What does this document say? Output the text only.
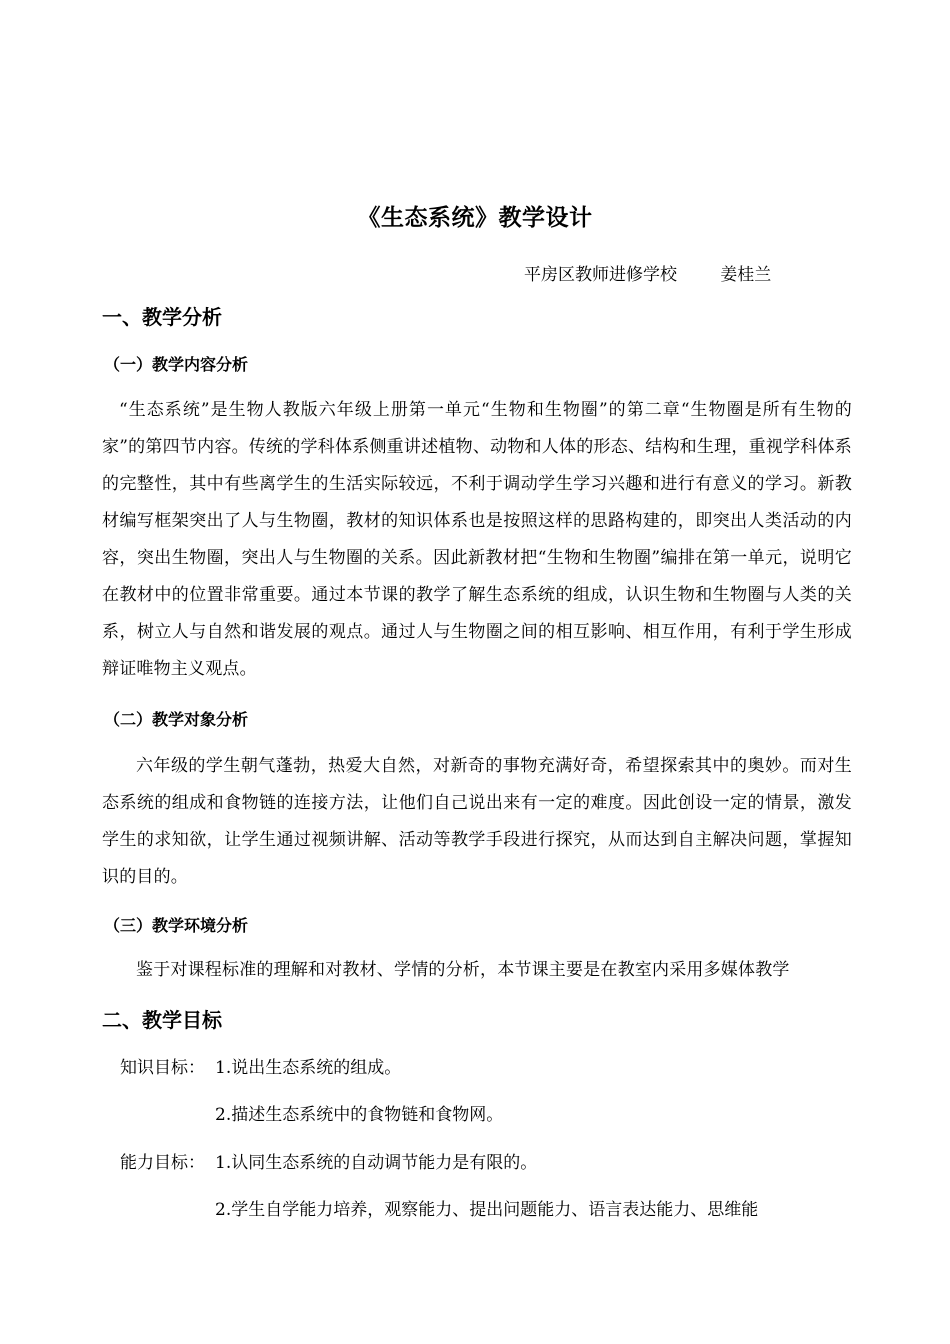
《生态系统》教学设计
平房区教师进修学校	姜桂兰
一、教学分析
（一）教学内容分析

“生态系统”是生物人教版六年级上册第一单元“生物和生物圈”的第二章“生物圈是所有生物的家”的第四节内容。传统的学科体系侧重讲述植物、动物和人体的形态、结构和生理，重视学科体系的完整性，其中有些离学生的生活实际较远，不利于调动学生学习兴趣和进行有意义的学习。新教材编写框架突出了人与生物圈，教材的知识体系也是按照这样的思路构建的，即突出人类活动的内容，突出生物圈，突出人与生物圈的关系。因此新教材把“生物和生物圈”编排在第一单元，说明它在教材中的位置非常重要。通过本节课的教学了解生态系统的组成，认识生物和生物圈与人类的关系，树立人与自然和谐发展的观点。通过人与生物圈之间的相互影响、相互作用，有利于学生形成辩证唯物主义观点。

（二）教学对象分析

六年级的学生朝气蓬勃，热爱大自然，对新奇的事物充满好奇，希望探索其中的奥妙。而对生态系统的组成和食物链的连接方法，让他们自己说出来有一定的难度。因此创设一定的情景，激发学生的求知欲，让学生通过视频讲解、活动等教学手段进行探究，从而达到自主解决问题，掌握知识的目的。

（三）教学环境分析

鉴于对课程标准的理解和对教材、学情的分析，本节课主要是在教室内采用多媒体教学

二、教学目标
知识目标： 1.说出生态系统的组成。
2.描述生态系统中的食物链和食物网。
能力目标： 1.认同生态系统的自动调节能力是有限的。
2.学生自学能力培养，观察能力、提出问题能力、语言表达能力、思维能
